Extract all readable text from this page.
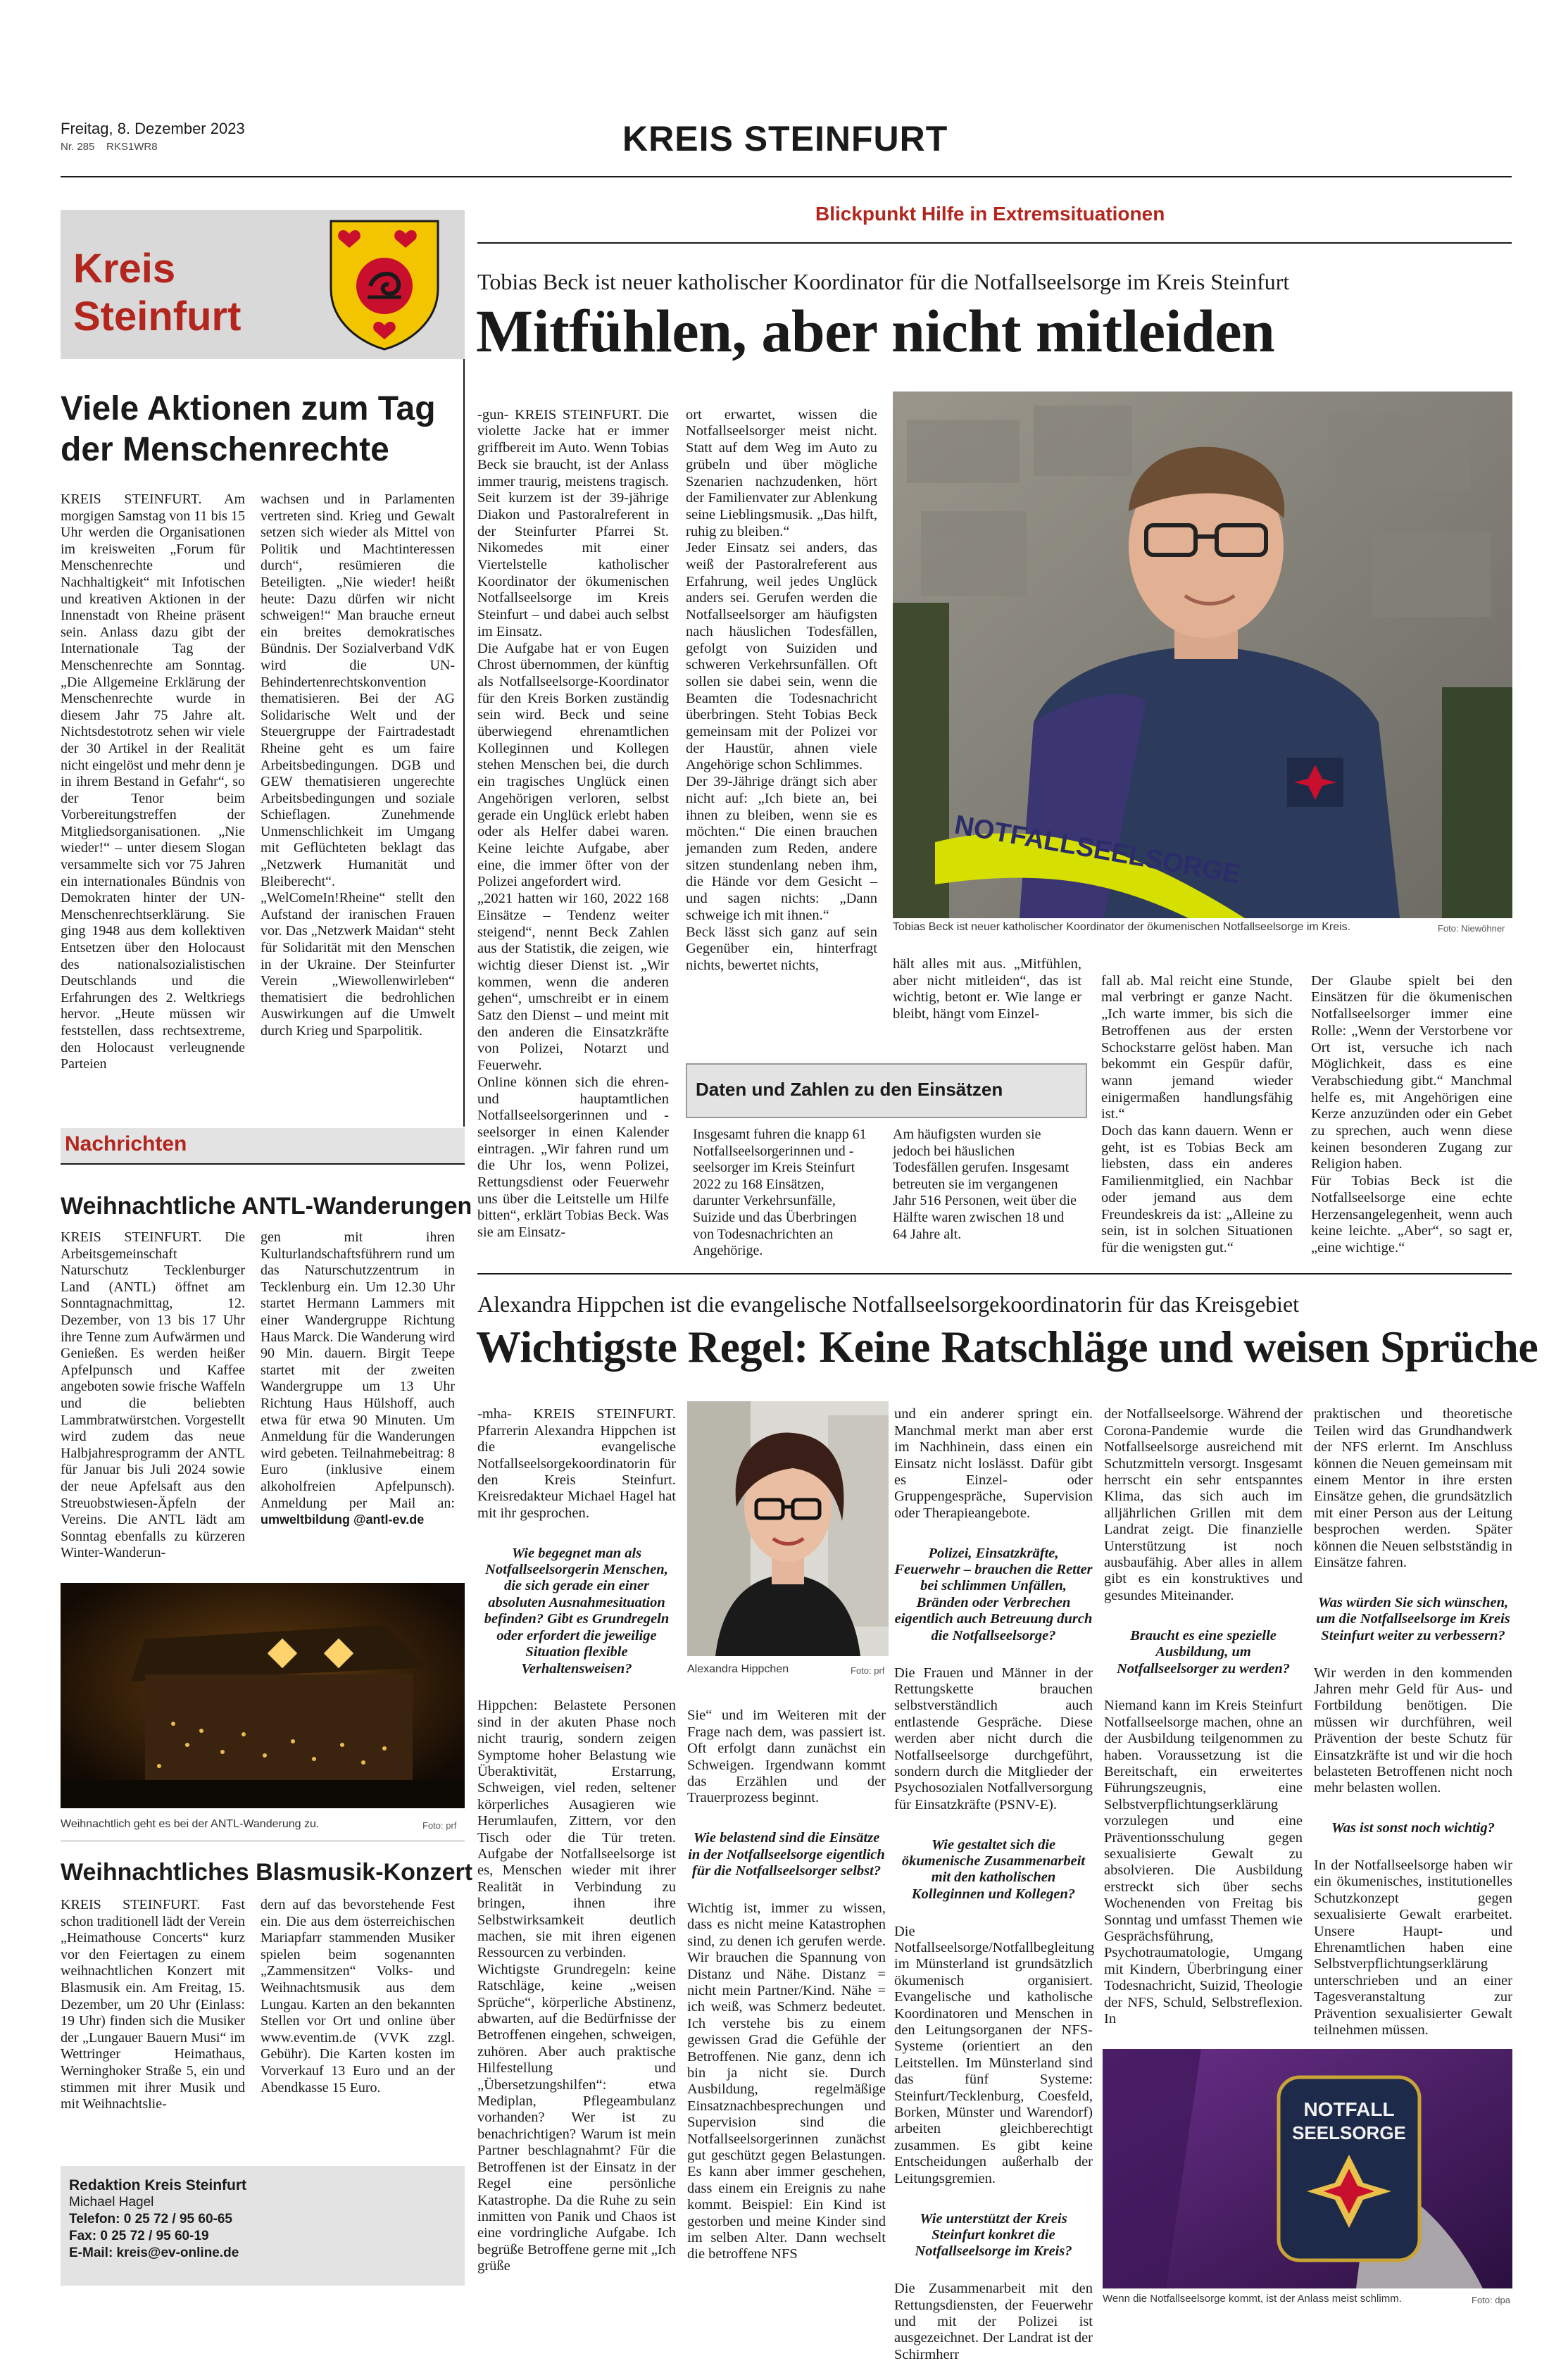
Freitag, 8. Dezember 2023
Nr. 285    RKS1WR8	KREIS STEINFURT
Kreis
Steinfurt
Viele Aktionen zum Tag der Menschenrechte

KREIS STEINFURT. Am morgigen Samstag von 11 bis 15 Uhr werden die Organisationen im kreisweiten „Forum für Menschenrechte und Nachhaltigkeit“ mit Infotischen und kreativen Aktionen in der Innenstadt von Rheine präsent sein. Anlass dazu gibt der Internationale Tag der Menschenrechte am Sonntag. „Die Allgemeine Erklärung der Menschenrechte wurde in diesem Jahr 75 Jahre alt. Nichtsdestotrotz sehen wir viele der 30 Artikel in der Realität nicht eingelöst und mehr denn je in ihrem Bestand in Gefahr“, so der Tenor beim Vorbereitungstreffen der Mitgliedsorganisationen. „Nie wieder!“ – unter diesem Slogan versammelte sich vor 75 Jahren ein internationales Bündnis von Demokraten hinter der UN-Menschenrechtserklärung. Sie ging 1948 aus dem kollektiven Entsetzen über den Holocaust des nationalsozialistischen Deutschlands und die Erfahrungen des 2. Weltkriegs hervor. „Heute müssen wir feststellen, dass rechtsextreme, den Holocaust verleugnende Parteien

wachsen und in Parlamenten vertreten sind. Krieg und Gewalt setzen sich wieder als Mittel von Politik und Machtinteressen durch“, resümieren die Beteiligten. „Nie wieder! heißt heute: Dazu dürfen wir nicht schweigen!“ Man brauche erneut ein breites demokratisches Bündnis. Der Sozialverband VdK wird die UN-Behindertenrechtskonvention thematisieren. Bei der AG Solidarische Welt und der Steuergruppe der Fairtradestadt Rheine geht es um faire Arbeitsbedingungen. DGB und GEW thematisieren ungerechte Arbeitsbedingungen und soziale Schieflagen. Zunehmende Unmenschlichkeit im Umgang mit Geflüchteten beklagt das „Netzwerk Humanität und Bleiberecht“. „WelComeIn!Rheine“ stellt den Aufstand der iranischen Frauen vor. Das „Netzwerk Maidan“ steht für Solidarität mit den Menschen in der Ukraine. Der Steinfurter Verein „Wiewollenwirleben“ thematisiert die bedrohlichen Auswirkungen auf die Umwelt durch Krieg und Sparpolitik.

Nachrichten
Weihnachtliche ANTL-Wanderungen

KREIS STEINFURT. Die Arbeitsgemeinschaft Naturschutz Tecklenburger Land (ANTL) öffnet am Sonntagnachmittag, 12. Dezember, von 13 bis 17 Uhr ihre Tenne zum Aufwärmen und Genießen. Es werden heißer Apfelpunsch und Kaffee angeboten sowie frische Waffeln und die beliebten Lammbratwürstchen. Vorgestellt wird zudem das neue Halbjahresprogramm der ANTL für Januar bis Juli 2024 sowie der neue Apfelsaft aus den Streuobstwiesen-Äpfeln der Vereins. Die ANTL lädt am Sonntag ebenfalls zu kürzeren Winter-Wanderun-

gen mit ihren Kulturlandschaftsführern rund um das Naturschutzzentrum in Tecklenburg ein. Um 12.30 Uhr startet Hermann Lammers mit einer Wandergruppe Richtung Haus Marck. Die Wanderung wird 90 Min. dauern. Birgit Teepe startet mit der zweiten Wandergruppe um 13 Uhr Richtung Haus Hülshoff, auch etwa für etwa 90 Minuten. Um Anmeldung für die Wanderungen wird gebeten. Teilnahmebeitrag: 8 Euro (inklusive einem alkoholfreien Apfelpunsch). Anmeldung per Mail an: umweltbildung @antl-ev.de

Weihnachtlich geht es bei der ANTL-Wanderung zu.	Foto: prf
Weihnachtliches Blasmusik-Konzert

KREIS STEINFURT. Fast schon traditionell lädt der Verein „Heimathouse Concerts“ kurz vor den Feiertagen zu einem weihnachtlichen Konzert mit Blasmusik ein. Am Freitag, 15. Dezember, um 20 Uhr (Einlass: 19 Uhr) finden sich die Musiker der „Lungauer Bauern Musi“ im Wettringer Heimathaus, Werninghoker Straße 5, ein und stimmen mit ihrer Musik und mit Weihnachtslie-

dern auf das bevorstehende Fest ein. Die aus dem österreichischen Mariapfarr stammenden Musiker spielen beim sogenannten „Zammensitzen“ Volks- und Weihnachtsmusik aus dem Lungau. Karten an den bekannten Stellen vor Ort und online über www.eventim.de (VVK zzgl. Gebühr). Die Karten kosten im Vorverkauf 13 Euro und an der Abendkasse 15 Euro.

Redaktion Kreis Steinfurt
Michael Hagel
Telefon: 0 25 72 / 95 60-65
Fax: 0 25 72 / 95 60-19
E-Mail: kreis@ev-online.de
Blickpunkt Hilfe in Extremsituationen
Tobias Beck ist neuer katholischer Koordinator für die Notfallseelsorge im Kreis Steinfurt
Mitfühlen, aber nicht mitleiden

-gun- KREIS STEINFURT. Die violette Jacke hat er immer griffbereit im Auto. Wenn Tobias Beck sie braucht, ist der Anlass immer traurig, meistens tragisch. Seit kurzem ist der 39-jährige Diakon und Pastoralreferent in der Steinfurter Pfarrei St. Nikomedes mit einer Viertelstelle katholischer Koordinator der ökumenischen Notfallseelsorge im Kreis Steinfurt – und dabei auch selbst im Einsatz.
Die Aufgabe hat er von Eugen Chrost übernommen, der künftig als Notfallseelsorge-Koordinator für den Kreis Borken zuständig sein wird. Beck und seine überwiegend ehrenamtlichen Kolleginnen und Kollegen stehen Menschen bei, die durch ein tragisches Unglück einen Angehörigen verloren, selbst gerade ein Unglück erlebt haben oder als Helfer dabei waren. Keine leichte Aufgabe, aber eine, die immer öfter von der Polizei angefordert wird.
„2021 hatten wir 160, 2022 168 Einsätze – Tendenz weiter steigend“, nennt Beck Zahlen aus der Statistik, die zeigen, wie wichtig dieser Dienst ist. „Wir kommen, wenn die anderen gehen“, umschreibt er in einem Satz den Dienst – und meint mit den anderen die Einsatzkräfte von Polizei, Notarzt und Feuerwehr.
Online können sich die ehren- und hauptamtlichen Notfallseelsorgerinnen und -seelsorger in einen Kalender eintragen. „Wir fahren rund um die Uhr los, wenn Polizei, Rettungsdienst oder Feuerwehr uns über die Leitstelle um Hilfe bitten“, erklärt Tobias Beck. Was sie am Einsatz-

ort erwartet, wissen die Notfallseelsorger meist nicht. Statt auf dem Weg im Auto zu grübeln und über mögliche Szenarien nachzudenken, hört der Familienvater zur Ablenkung seine Lieblingsmusik. „Das hilft, ruhig zu bleiben.“
Jeder Einsatz sei anders, das weiß der Pastoralreferent aus Erfahrung, weil jedes Unglück anders sei. Gerufen werden die Notfallseelsorger am häufigsten nach häuslichen Todesfällen, gefolgt von Suiziden und schweren Verkehrsunfällen. Oft sollen sie dabei sein, wenn die Beamten die Todesnachricht überbringen. Steht Tobias Beck gemeinsam mit der Polizei vor der Haustür, ahnen viele Angehörige schon Schlimmes.
Der 39-Jährige drängt sich aber nicht auf: „Ich biete an, bei ihnen zu bleiben, wenn sie es möchten.“ Die einen brauchen jemanden zum Reden, andere sitzen stundenlang neben ihm, die Hände vor dem Gesicht – und sagen nichts: „Dann schweige ich mit ihnen.“
Beck lässt sich ganz auf sein Gegenüber ein, hinterfragt nichts, bewertet nichts,

NOTFALLSEELSORGE
Tobias Beck ist neuer katholischer Koordinator der ökumenischen Notfallseelsorge im Kreis.	Foto: Niewöhner
Daten und Zahlen zu den Einsätzen

Insgesamt fuhren die knapp 61 Notfallseelsorgerinnen und -seelsorger im Kreis Steinfurt 2022 zu 168 Einsätzen, darunter Verkehrsunfälle, Suizide und das Überbringen von Todesnachrichten an Angehörige.

Am häufigsten wurden sie jedoch bei häuslichen Todesfällen gerufen. Insgesamt betreuten sie im vergangenen Jahr 516 Personen, weit über die Hälfte waren zwischen 18 und 64 Jahre alt.

hält alles mit aus. „Mitfühlen, aber nicht mitleiden“, das ist wichtig, betont er. Wie lange er bleibt, hängt vom Einzel-

fall ab. Mal reicht eine Stunde, mal verbringt er ganze Nacht. „Ich warte immer, bis sich die Betroffenen aus der ersten Schockstarre gelöst haben. Man bekommt ein Gespür dafür, wann jemand wieder einigermaßen handlungsfähig ist.“
Doch das kann dauern. Wenn er geht, ist es Tobias Beck am liebsten, dass ein anderes Familienmitglied, ein Nachbar oder jemand aus dem Freundeskreis da ist: „Alleine zu sein, ist in solchen Situationen für die wenigsten gut.“

Der Glaube spielt bei den Einsätzen für die ökumenischen Notfallseelsorger immer eine Rolle: „Wenn der Verstorbene vor Ort ist, versuche ich nach Möglichkeit, dass es eine Verabschiedung gibt.“ Manchmal helfe es, mit Angehörigen eine Kerze anzuzünden oder ein Gebet zu sprechen, auch wenn diese keinen besonderen Zugang zur Religion haben.
Für Tobias Beck ist die Notfallseelsorge eine echte Herzensangelegenheit, wenn auch keine leichte. „Aber“, so sagt er, „eine wichtige.“

Alexandra Hippchen ist die evangelische Notfallseelsorgekoordinatorin für das Kreisgebiet
Wichtigste Regel: Keine Ratschläge und weisen Sprüche

-mha- KREIS STEINFURT. Pfarrerin Alexandra Hippchen ist die evangelische Notfallseelsorgekoordinatorin für den Kreis Steinfurt. Kreisredakteur Michael Hagel hat mit ihr gesprochen.

Wie begegnet man als Notfallseelsorgerin Menschen, die sich gerade ein einer absoluten Ausnahmesituation befinden? Gibt es Grundregeln oder erfordert die jeweilige Situation flexible Verhaltensweisen?

Hippchen: Belastete Personen sind in der akuten Phase noch nicht traurig, sondern zeigen Symptome hoher Belastung wie Überaktivität, Erstarrung, Schweigen, viel reden, seltener körperliches Ausagieren wie Herumlaufen, Zittern, vor den Tisch oder die Tür treten. Aufgabe der Notfallseelsorge ist es, Menschen wieder mit ihrer Realität in Verbindung zu bringen, ihnen ihre Selbstwirksamkeit deutlich machen, sie mit ihren eigenen Ressourcen zu verbinden.
Wichtigste Grundregeln: keine Ratschläge, keine „weisen Sprüche“, körperliche Abstinenz, abwarten, auf die Bedürfnisse der Betroffenen eingehen, schweigen, zuhören. Aber auch praktische Hilfestellung und „Übersetzungshilfen“: etwa Mediplan, Pflegeambulanz vorhanden? Wer ist zu benachrichtigen? Warum ist mein Partner beschlagnahmt? Für die Betroffenen ist der Einsatz in der Regel eine persönliche Katastrophe. Da die Ruhe zu sein inmitten von Panik und Chaos ist eine vordringliche Aufgabe. Ich begrüße Betroffene gerne mit „Ich grüße

Alexandra Hippchen	Foto: prf

Sie“ und im Weiteren mit der Frage nach dem, was passiert ist. Oft erfolgt dann zunächst ein Schweigen. Irgendwann kommt das Erzählen und der Trauerprozess beginnt.

Wie belastend sind die Einsätze in der Notfallseelsorge eigentlich für die Notfallseelsorger selbst?

Wichtig ist, immer zu wissen, dass es nicht meine Katastrophen sind, zu denen ich gerufen werde. Wir brauchen die Spannung von Distanz und Nähe. Distanz = nicht mein Partner/Kind. Nähe = ich weiß, was Schmerz bedeutet. Ich verstehe bis zu einem gewissen Grad die Gefühle der Betroffenen. Nie ganz, denn ich bin ja nicht sie. Durch Ausbildung, regelmäßige Einsatznachbesprechungen und Supervision sind die Notfallseelsorgerinnen zunächst gut geschützt gegen Belastungen. Es kann aber immer geschehen, dass einem ein Ereignis zu nahe kommt. Beispiel: Ein Kind ist gestorben und meine Kinder sind im selben Alter. Dann wechselt die betroffene NFS

und ein anderer springt ein. Manchmal merkt man aber erst im Nachhinein, dass einen ein Einsatz nicht loslässt. Dafür gibt es Einzel- oder Gruppengespräche, Supervision oder Therapieangebote.

Polizei, Einsatzkräfte, Feuerwehr – brauchen die Retter bei schlimmen Unfällen, Bränden oder Verbrechen eigentlich auch Betreuung durch die Notfallseelsorge?

Die Frauen und Männer in der Rettungskette brauchen selbstverständlich auch entlastende Gespräche. Diese werden aber nicht durch die Notfallseelsorge durchgeführt, sondern durch die Mitglieder der Psychosozialen Notfallversorgung für Einsatzkräfte (PSNV-E).

Wie gestaltet sich die ökumenische Zusammenarbeit mit den katholischen Kolleginnen und Kollegen?

Die Notfallseelsorge/Notfallbegleitung im Münsterland ist grundsätzlich ökumenisch organisiert. Evangelische und katholische Koordinatoren und Menschen in den Leitungsorganen der NFS-Systeme (orientiert an den Leitstellen. Im Münsterland sind das fünf Systeme: Steinfurt/Tecklenburg, Coesfeld, Borken, Münster und Warendorf) arbeiten gleichberechtigt zusammen. Es gibt keine Entscheidungen außerhalb der Leitungsgremien.

Wie unterstützt der Kreis Steinfurt konkret die Notfallseelsorge im Kreis?

Die Zusammenarbeit mit den Rettungsdiensten, der Feuerwehr und mit der Polizei ist ausgezeichnet. Der Landrat ist der Schirmherr

der Notfallseelsorge. Während der Corona-Pandemie wurde die Notfallseelsorge ausreichend mit Schutzmitteln versorgt. Insgesamt herrscht ein sehr entspanntes Klima, das sich auch im alljährlichen Grillen mit dem Landrat zeigt. Die finanzielle Unterstützung ist noch ausbaufähig. Aber alles in allem gibt es ein konstruktives und gesundes Miteinander.

Braucht es eine spezielle Ausbildung, um Notfallseelsorger zu werden?

Niemand kann im Kreis Steinfurt Notfallseelsorge machen, ohne an der Ausbildung teilgenommen zu haben. Voraussetzung ist die Bereitschaft, ein erweitertes Führungszeugnis, eine Selbstverpflichtungserklärung vorzulegen und eine Präventionsschulung gegen sexualisierte Gewalt zu absolvieren. Die Ausbildung erstreckt sich über sechs Wochenenden von Freitag bis Sonntag und umfasst Themen wie Gesprächsführung, Psychotraumatologie, Umgang mit Kindern, Überbringung einer Todesnachricht, Suizid, Theologie der NFS, Schuld, Selbstreflexion. In

praktischen und theoretische Teilen wird das Grundhandwerk der NFS erlernt. Im Anschluss können die Neuen gemeinsam mit einem Mentor in ihre ersten Einsätze gehen, die grundsätzlich mit einer Person aus der Leitung besprochen werden. Später können die Neuen selbstständig in Einsätze fahren.

Was würden Sie sich wünschen, um die Notfallseelsorge im Kreis Steinfurt weiter zu verbessern?

Wir werden in den kommenden Jahren mehr Geld für Aus- und Fortbildung benötigen. Die müssen wir durchführen, weil Prävention der beste Schutz für Einsatzkräfte ist und wir die hoch belasteten Betroffenen nicht noch mehr belasten wollen.

Was ist sonst noch wichtig?

In der Notfallseelsorge haben wir ein ökumenisches, institutionelles Schutzkonzept gegen sexualisierte Gewalt erarbeitet. Unsere Haupt- und Ehrenamtlichen haben eine Selbstverpflichtungserklärung unterschrieben und an einer Tagesveranstaltung zur Prävention sexualisierter Gewalt teilnehmen müssen.

NOTFALL
SEELSORGE
Wenn die Notfallseelsorge kommt, ist der Anlass meist schlimm.	Foto: dpa
